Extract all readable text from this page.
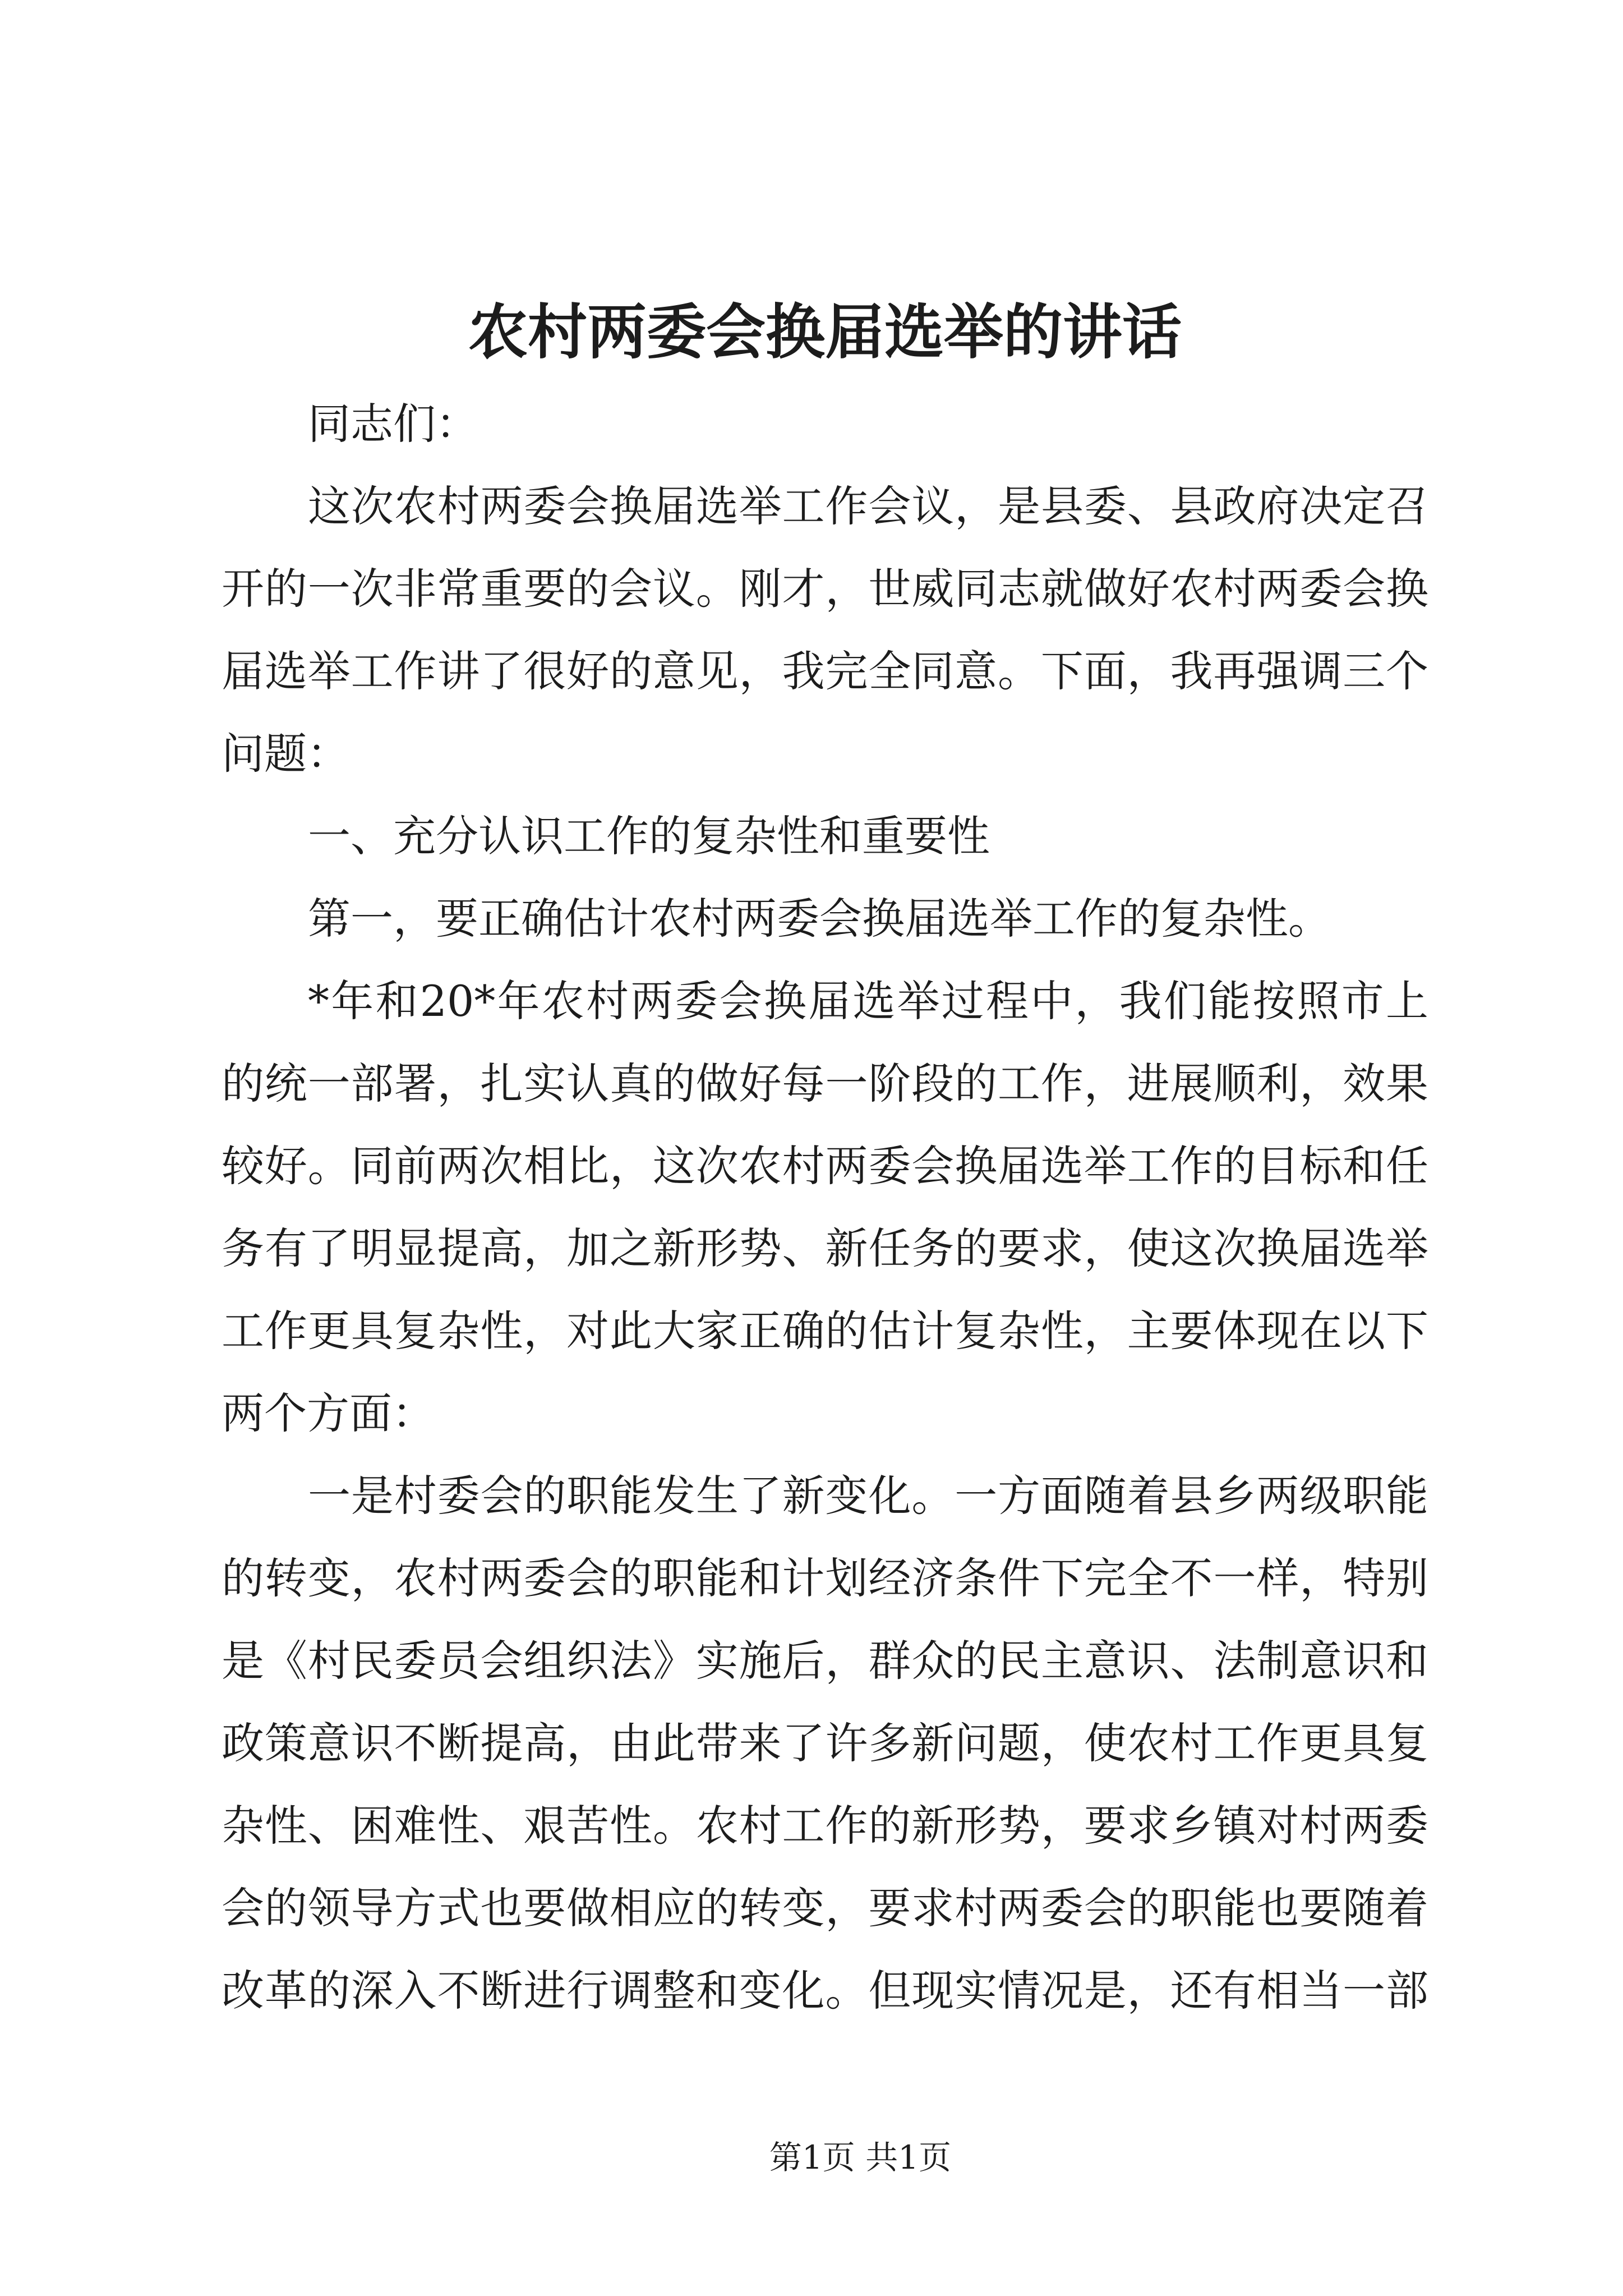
农村两委会换届选举的讲话
同志们：
这次农村两委会换届选举工作会议，是县委、县政府决定召
开的一次非常重要的会议。刚才，世威同志就做好农村两委会换
届选举工作讲了很好的意见，我完全同意。下面，我再强调三个
问题：
一、充分认识工作的复杂性和重要性
第一，要正确估计农村两委会换届选举工作的复杂性。
*年和20*年农村两委会换届选举过程中，我们能按照市上
的统一部署，扎实认真的做好每一阶段的工作，进展顺利，效果
较好。同前两次相比，这次农村两委会换届选举工作的目标和任
务有了明显提高，加之新形势、新任务的要求，使这次换届选举
工作更具复杂性，对此大家正确的估计复杂性，主要体现在以下
两个方面：
一是村委会的职能发生了新变化。一方面随着县乡两级职能
的转变，农村两委会的职能和计划经济条件下完全不一样，特别
是《村民委员会组织法》实施后，群众的民主意识、法制意识和
政策意识不断提高，由此带来了许多新问题，使农村工作更具复
杂性、困难性、艰苦性。农村工作的新形势，要求乡镇对村两委
会的领导方式也要做相应的转变，要求村两委会的职能也要随着
改革的深入不断进行调整和变化。但现实情况是，还有相当一部
第1页 共1页
